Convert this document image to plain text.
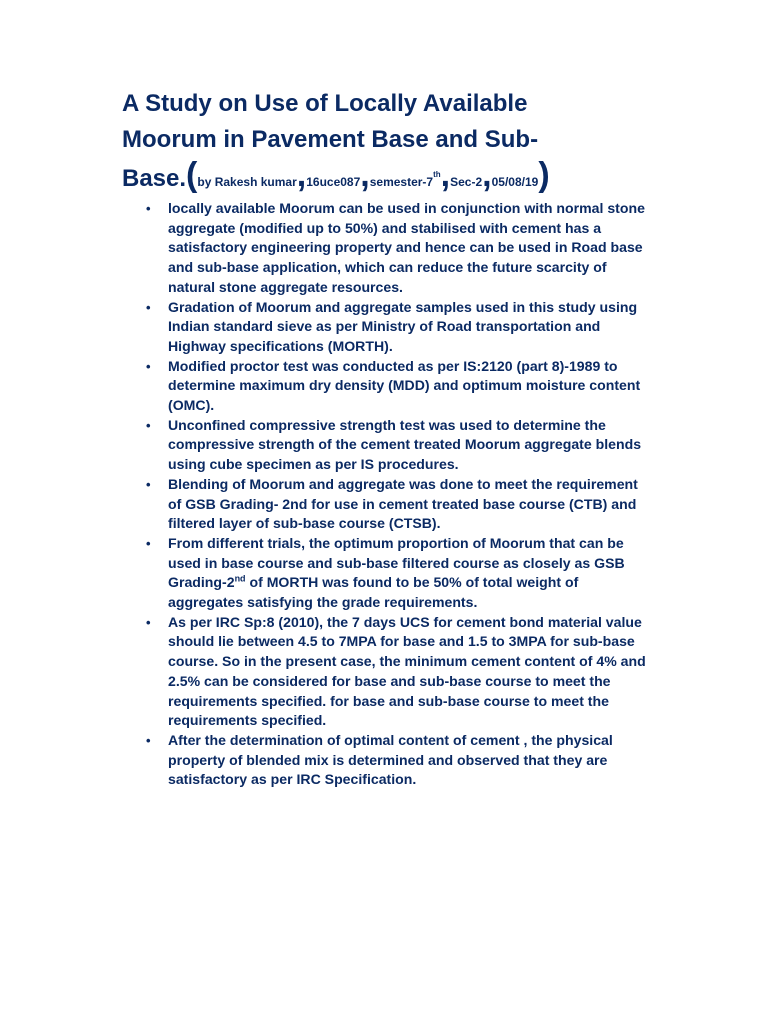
A Study on Use of Locally Available
Moorum in Pavement Base and Sub-
Base.(by Rakesh kumar,16uce087,semester-7th,Sec-2,05/08/19)
• locally available Moorum can be used in conjunction with normal stone aggregate (modified up to 50%) and stabilised with cement has a satisfactory engineering property and hence can be used in Road base and sub-base application, which can reduce the future scarcity of natural stone aggregate resources.
• Gradation of Moorum and aggregate samples used in this study using Indian standard sieve as per Ministry of Road transportation and Highway specifications (MORTH).
• Modified proctor test was conducted as per IS:2120 (part 8)-1989 to determine maximum dry density (MDD) and optimum moisture content (OMC).
• Unconfined compressive strength test was used to determine the compressive strength of the cement treated Moorum aggregate blends using cube specimen as per IS procedures.
• Blending of Moorum and aggregate was done to meet the requirement of GSB Grading- 2nd for use in cement treated base course (CTB) and filtered layer of sub-base course (CTSB).
• From different trials, the optimum proportion of Moorum that can be used in base course and sub-base filtered course as closely as GSB Grading-2nd of MORTH was found to be 50% of total weight of aggregates satisfying the grade requirements.
• As per IRC Sp:8 (2010), the 7 days UCS for cement bond material value should lie between 4.5 to 7MPA for base and 1.5 to 3MPA for sub-base course. So in the present case, the minimum cement content of 4% and 2.5% can be considered for base and sub-base course to meet the requirements specified. for base and sub-base course to meet the requirements specified.
• After the determination of optimal content of cement , the physical property of blended mix is determined and observed that they are satisfactory as per IRC Specification.
